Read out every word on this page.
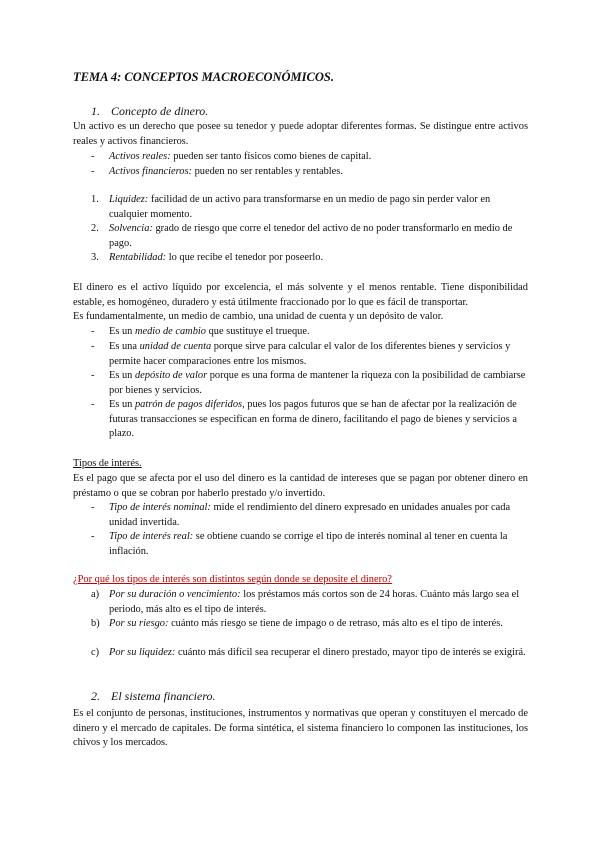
TEMA 4: CONCEPTOS MACROECONÓMICOS.
1. Concepto de dinero.
Un activo es un derecho que posee su tenedor y puede adoptar diferentes formas. Se distingue entre activos reales y activos financieros.
- Activos reales: pueden ser tanto físicos como bienes de capital.
- Activos financieros: pueden no ser rentables y rentables.
1. Liquidez: facilidad de un activo para transformarse en un medio de pago sin perder valor en cualquier momento.
2. Solvencia: grado de riesgo que corre el tenedor del activo de no poder transformarlo en medio de pago.
3. Rentabilidad: lo que recibe el tenedor por poseerlo.
El dinero es el activo líquido por excelencia, el más solvente y el menos rentable. Tiene disponibilidad estable, es homogéneo, duradero y está útilmente fraccionado por lo que es fácil de transportar.
Es fundamentalmente, un medio de cambio, una unidad de cuenta y un depósito de valor.
- Es un medio de cambio que sustituye el trueque.
- Es una unidad de cuenta porque sirve para calcular el valor de los diferentes bienes y servicios y permite hacer comparaciones entre los mismos.
- Es un depósito de valor porque es una forma de mantener la riqueza con la posibilidad de cambiarse por bienes y servicios.
- Es un patrón de pagos diferidos, pues los pagos futuros que se han de afectar por la realización de futuras transacciones se especifican en forma de dinero, facilitando el pago de bienes y servicios a plazo.
Tipos de interés.
Es el pago que se afecta por el uso del dinero es la cantidad de intereses que se pagan por obtener dinero en préstamo o que se cobran por haberlo prestado y/o invertido.
- Tipo de interés nominal: mide el rendimiento del dinero expresado en unidades anuales por cada unidad invertida.
- Tipo de interés real: se obtiene cuando se corrige el tipo de interés nominal al tener en cuenta la inflación.
¿Por qué los tipos de interés son distintos según donde se deposite el dinero?
a) Por su duración o vencimiento: los préstamos más cortos son de 24 horas. Cuánto más largo sea el periodo, más alto es el tipo de interés.
b) Por su riesgo: cuánto más riesgo se tiene de impago o de retraso, más alto es el tipo de interés.
c) Por su liquidez: cuánto más difícil sea recuperar el dinero prestado, mayor tipo de interés se exigirá.
2. El sistema financiero.
Es el conjunto de personas, instituciones, instrumentos y normativas que operan y constituyen el mercado de dinero y el mercado de capitales. De forma sintética, el sistema financiero lo componen las instituciones, los chivos y los mercados.
